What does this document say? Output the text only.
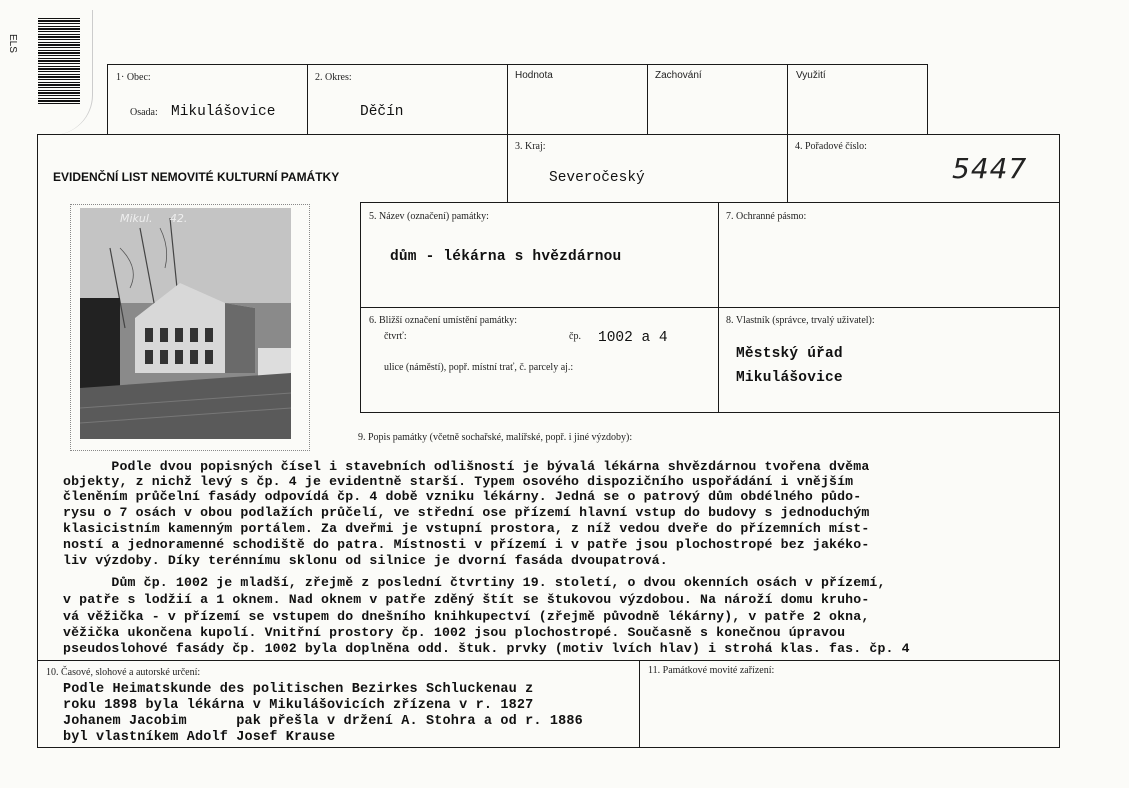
ELS
1· Obec:
Osada: Mikulášovice
2. Okres:
Děčín
Hodnota	Zachování	Využití
EVIDENČNÍ LIST NEMOVITÉ KULTURNÍ PAMÁTKY
3. Kraj:
Severočeský
4. Pořadové číslo:
5447
Mikul.     42.	5. Název (označení) památky:
dům - lékárna s hvězdárnou
7. Ochranné pásmo:
6. Bližší označení umístění památky:
čtvrť:	čp. 1002 a 4
ulice (náměstí), popř. místní trať, č. parcely aj.:
8. Vlastník (správce, trvalý uživatel):
Městský úřad
Mikulášovice
9. Popis památky (včetně sochařské, malířské, popř. i jiné výzdoby):
Podle dvou popisných čísel i stavebních odlišností je bývalá lékárna shvězdárnou tvořena dvěma
objekty, z nichž levý s čp. 4 je evidentně starší. Typem osového dispozičního uspořádání i vnějším
členěním průčelní fasády odpovídá čp. 4 době vzniku lékárny. Jedná se o patrový dům obdélného půdo-
rysu o 7 osách v obou podlažích průčelí, ve střední ose přízemí hlavní vstup do budovy s jednoduchým
klasicistním kamenným portálem. Za dveřmi je vstupní prostora, z níž vedou dveře do přízemních míst-
ností a jednoramenné schodiště do patra. Místnosti v přízemí i v patře jsou plochostropé bez jakéko-
liv výzdoby. Díky terénnímu sklonu od silnice je dvorní fasáda dvoupatrová.
Dům čp. 1002 je mladší, zřejmě z poslední čtvrtiny 19. století, o dvou okenních osách v přízemí,
v patře s lodžií a 1 oknem. Nad oknem v patře zděný štít se štukovou výzdobou. Na nároží domu kruho-
vá věžička - v přízemí se vstupem do dnešního knihkupectví (zřejmě původně lékárny), v patře 2 okna,
věžička ukončena kupolí. Vnitřní prostory čp. 1002 jsou plochostropé. Současně s konečnou úpravou
pseudoslohové fasády čp. 1002 byla doplněna odd. štuk. prvky (motiv lvích hlav) i strohá klas. fas. čp. 4
10. Časové, slohové a autorské určení:
Podle Heimatskunde des politischen Bezirkes Schluckenau z
roku 1898 byla lékárna v Mikulášovicích zřízena v r. 1827
Johanem Jacobim      pak přešla v držení A. Stohra a od r. 1886
byl vlastníkem Adolf Josef Krause
11. Památkové movité zařízení:
